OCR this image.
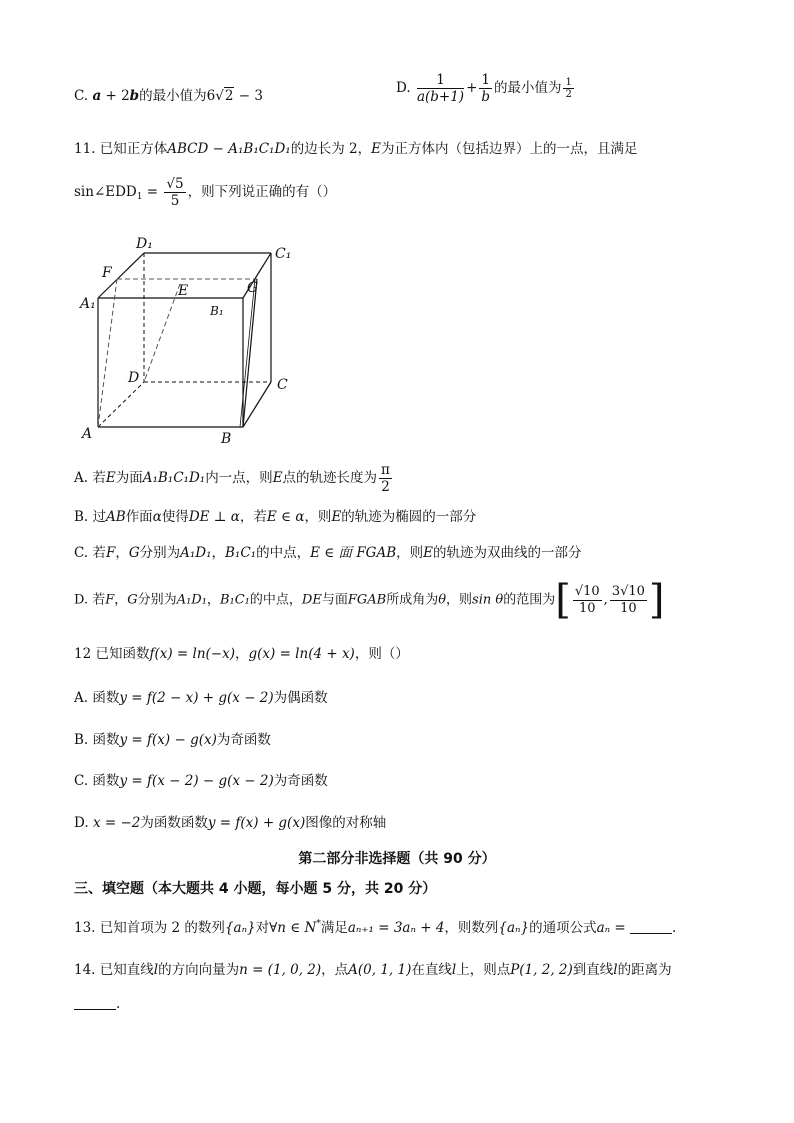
C. a + 2b的最小值为6√2 − 3	D. $\frac{1}{a(b+1)} + \frac{1}{b}$ 的最小值为 $\frac{1}{2}$
11. 已知正方体ABCD − A₁B₁C₁D₁的边长为 2，E为正方体内（包括边界）上的一点，且满足
$\sin\angle EDD_1 = \frac{√5}{5}$ ，则下列说正确的有（）
D₁
C₁
F
E	G
A₁	B₁
D	C
A	B
A. 若E为面A₁B₁C₁D₁内一点，则E点的轨迹长度为 $\frac{\pi}{2}$
B. 过AB作面α使得DE ⊥ α，若E ∈ α，则E的轨迹为椭圆的一部分
C. 若F，G分别为A₁D₁，B₁C₁的中点，E ∈ 面 FGAB，则E的轨迹为双曲线的一部分
D. 若F，G分别为A₁D₁，B₁C₁的中点，DE与面FGAB所成角为θ，则sin θ的范围为[ $\frac{√10}{10}$ , $\frac{3√10}{10}$ ]
12 已知函数f(x) = ln(−x)，g(x) = ln(4 + x)，则（）
A. 函数y = f(2 − x) + g(x − 2)为偶函数
B. 函数y = f(x) − g(x)为奇函数
C. 函数y = f(x − 2) − g(x − 2)为奇函数
D. x = −2为函数函数y = f(x) + g(x)图像的对称轴
第二部分非选择题（共 90 分）
三、填空题（本大题共 4 小题，每小题 5 分，共 20 分）
13. 已知首项为 2 的数列{aₙ}对∀n ∈ N*满足aₙ₊₁ = 3aₙ + 4，则数列{aₙ}的通项公式aₙ =	.
14. 已知直线l的方向向量为n = (1, 0, 2)，点A(0, 1, 1)在直线l上，则点P(1, 2, 2)到直线l的距离为
.
